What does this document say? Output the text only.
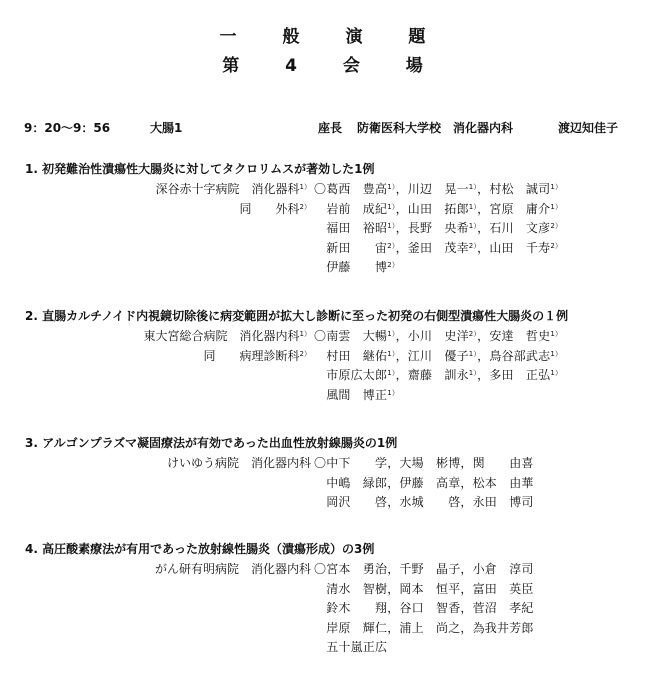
一 般 演 題
第 4 会 場
9：20〜9：56	大腸1	座長 防衛医科大学校　消化器内科	渡辺知佳子
1. 初発難治性潰瘍性大腸炎に対してタクロリムスが著効した1例
深谷赤十字病院　消化器科$^{1)}$
同　　外科$^{2)}$
〇葛西　豊高$^{1)}$，川辺　晃一$^{1)}$，村松　誠司$^{1)}$
　岩前　成紀$^{1)}$，山田　拓郎$^{1)}$，宮原　庸介$^{1)}$
　福田　裕昭$^{1)}$，長野　央希$^{1)}$，石川　文彦$^{2)}$
　新田　　宙$^{2)}$，釜田　茂幸$^{2)}$，山田　千寿$^{2)}$
　伊藤　　博$^{2)}$
2. 直腸カルチノイド内視鏡切除後に病変範囲が拡大し診断に至った初発の右側型潰瘍性大腸炎の１例
東大宮総合病院　消化器内科$^{1)}$
同　　病理診断科$^{2)}$
〇南雲　大暢$^{1)}$，小川　史洋$^{2)}$，安達　哲史$^{1)}$
　村田　継佑$^{1)}$，江川　優子$^{1)}$，鳥谷部武志$^{1)}$
　市原広太郎$^{1)}$，齋藤　訓永$^{1)}$，多田　正弘$^{1)}$
　風間　博正$^{1)}$
3. アルゴンプラズマ凝固療法が有効であった出血性放射線腸炎の1例
けいゆう病院　消化器内科 〇中下　　学，大場　彬博，関　　由喜
　中嶋　緑郎，伊藤　高章，松本　由華
　岡沢　　啓，水城　　啓，永田　博司
4. 高圧酸素療法が有用であった放射線性腸炎（潰瘍形成）の3例
がん研有明病院　消化器内科 〇宮本　勇治，千野　晶子，小倉　淳司
　清水　智樹，岡本　恒平，富田　英臣
　鈴木　　翔，谷口　智香，菅沼　孝紀
　岸原　輝仁，浦上　尚之，為我井芳郎
　五十嵐正広
